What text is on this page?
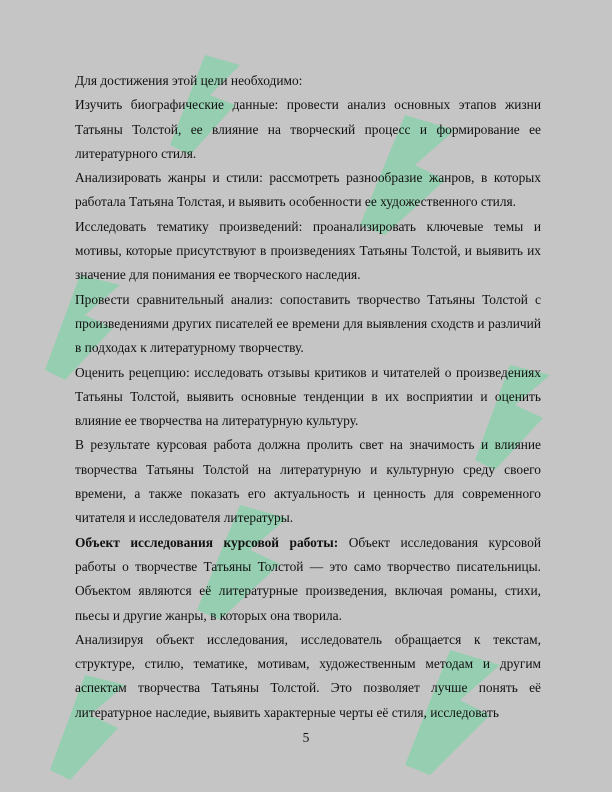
Для достижения этой цели необходимо:

Изучить биографические данные: провести анализ основных этапов жизни Татьяны Толстой, ее влияние на творческий процесс и формирование ее литературного стиля.

Анализировать жанры и стили: рассмотреть разнообразие жанров, в которых работала Татьяна Толстая, и выявить особенности ее художественного стиля.

Исследовать тематику произведений: проанализировать ключевые темы и мотивы, которые присутствуют в произведениях Татьяны Толстой, и выявить их значение для понимания ее творческого наследия.

Провести сравнительный анализ: сопоставить творчество Татьяны Толстой с произведениями других писателей ее времени для выявления сходств и различий в подходах к литературному творчеству.

Оценить рецепцию: исследовать отзывы критиков и читателей о произведениях Татьяны Толстой, выявить основные тенденции в их восприятии и оценить влияние ее творчества на литературную культуру.

В результате курсовая работа должна пролить свет на значимость и влияние творчества Татьяны Толстой на литературную и культурную среду своего времени, а также показать его актуальность и ценность для современного читателя и исследователя литературы.

Объект исследования курсовой работы: Объект исследования курсовой работы о творчестве Татьяны Толстой — это само творчество писательницы. Объектом являются её литературные произведения, включая романы, стихи, пьесы и другие жанры, в которых она творила.

Анализируя объект исследования, исследователь обращается к текстам, структуре, стилю, тематике, мотивам, художественным методам и другим аспектам творчества Татьяны Толстой. Это позволяет лучше понять её литературное наследие, выявить характерные черты её стиля, исследовать

5
